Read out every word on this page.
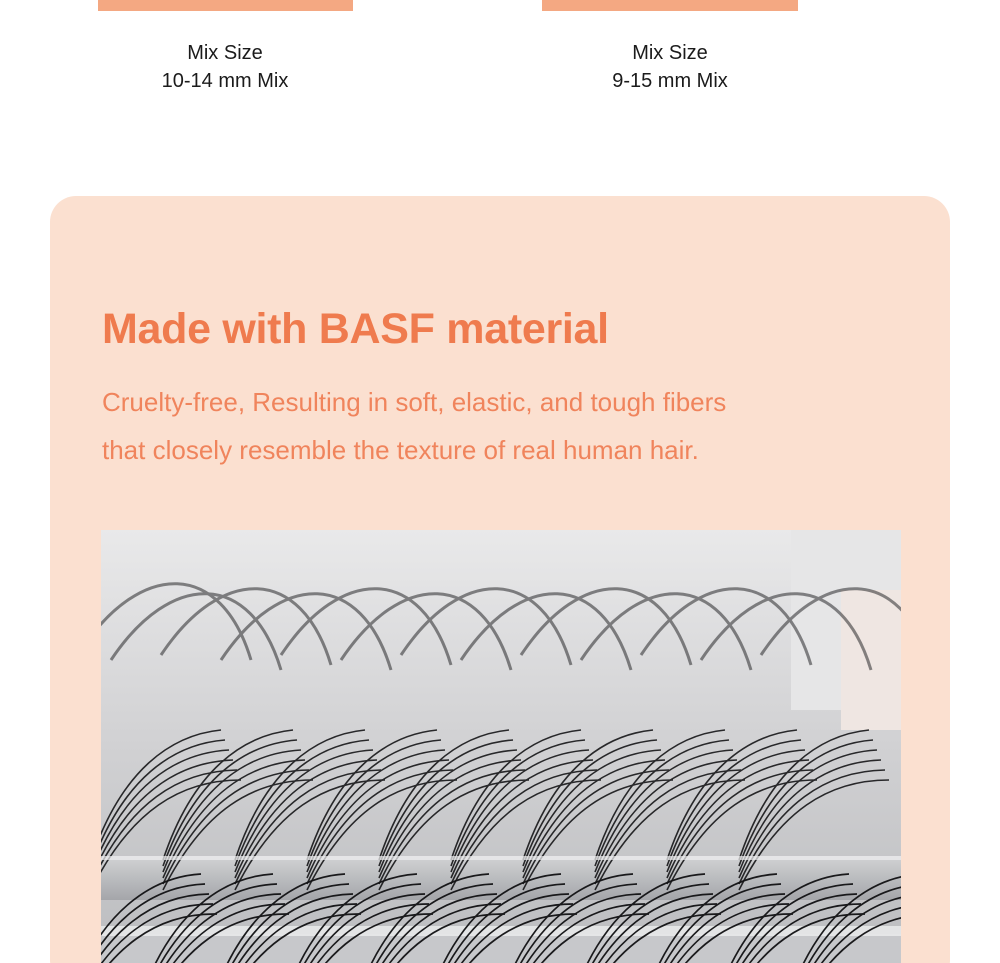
Mix Size
10-14 mm Mix
Mix Size
9-15 mm Mix
Made with BASF material
Cruelty-free, Resulting in soft, elastic, and tough fibers
that closely resemble the texture of real human hair.
